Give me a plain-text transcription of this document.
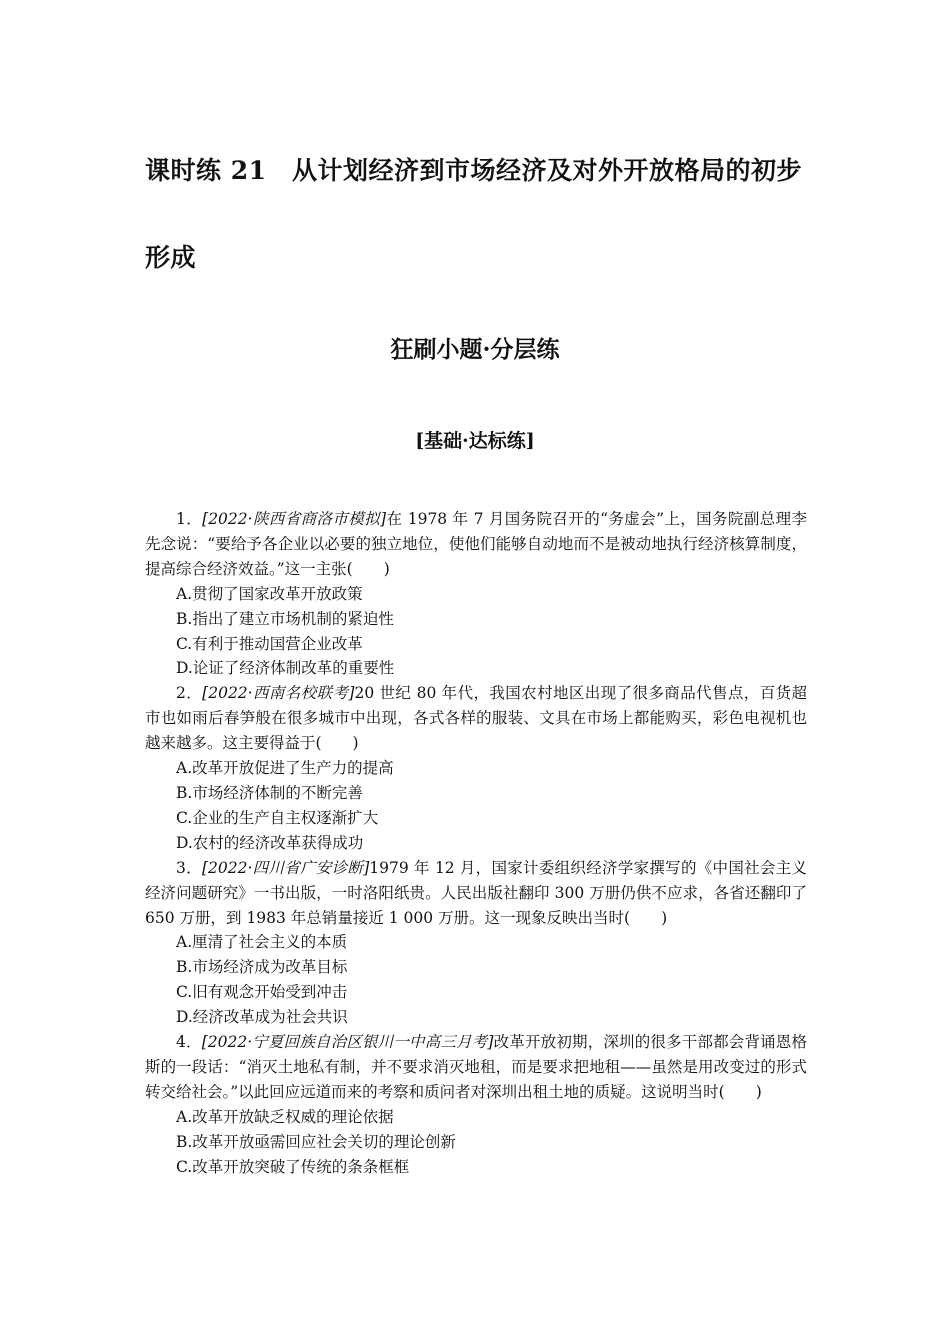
课时练 21　从计划经济到市场经济及对外开放格局的初步
形成
狂刷小题·分层练
[基础·达标练]

1．[2022·陕西省商洛市模拟]在 1978 年 7 月国务院召开的“务虚会”上，国务院副总理李先念说：“要给予各企业以必要的独立地位，使他们能够自动地而不是被动地执行经济核算制度，提高综合经济效益。”这一主张(　　)

A.贯彻了国家改革开放政策

B.指出了建立市场机制的紧迫性

C.有利于推动国营企业改革

D.论证了经济体制改革的重要性

2．[2022·西南名校联考]20 世纪 80 年代，我国农村地区出现了很多商品代售点，百货超市也如雨后春笋般在很多城市中出现，各式各样的服装、文具在市场上都能购买，彩色电视机也越来越多。这主要得益于(　　)

A.改革开放促进了生产力的提高

B.市场经济体制的不断完善

C.企业的生产自主权逐渐扩大

D.农村的经济改革获得成功

3．[2022·四川省广安诊断]1979 年 12 月，国家计委组织经济学家撰写的《中国社会主义经济问题研究》一书出版，一时洛阳纸贵。人民出版社翻印 300 万册仍供不应求，各省还翻印了 650 万册，到 1983 年总销量接近 1 000 万册。这一现象反映出当时(　　)

A.厘清了社会主义的本质

B.市场经济成为改革目标

C.旧有观念开始受到冲击

D.经济改革成为社会共识

4．[2022·宁夏回族自治区银川一中高三月考]改革开放初期，深圳的很多干部都会背诵恩格斯的一段话：“消灭土地私有制，并不要求消灭地租，而是要求把地租——虽然是用改变过的形式转交给社会。”以此回应远道而来的考察和质问者对深圳出租土地的质疑。这说明当时(　　)

A.改革开放缺乏权威的理论依据

B.改革开放亟需回应社会关切的理论创新

C.改革开放突破了传统的条条框框
